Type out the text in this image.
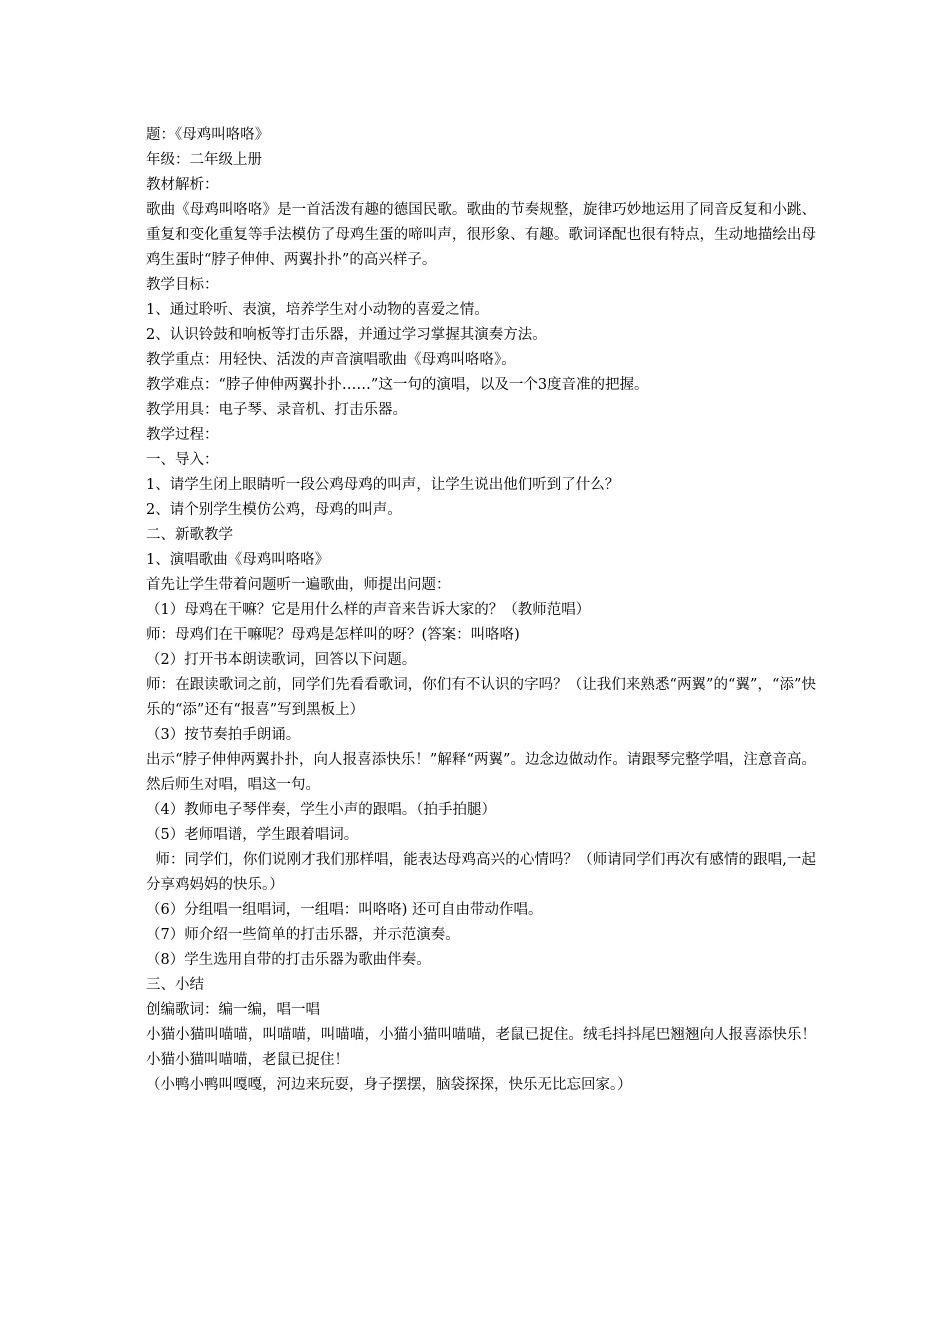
题：《母鸡叫咯咯》

年级：二年级上册

教材解析：

歌曲《母鸡叫咯咯》是一首活泼有趣的德国民歌。歌曲的节奏规整，旋律巧妙地运用了同音反复和小跳、重复和变化重复等手法模仿了母鸡生蛋的啼叫声，很形象、有趣。歌词译配也很有特点，生动地描绘出母鸡生蛋时“脖子伸伸、两翼扑扑”的高兴样子。

教学目标：

1、通过聆听、表演，培养学生对小动物的喜爱之情。

2、认识铃鼓和响板等打击乐器，并通过学习掌握其演奏方法。

教学重点：用轻快、活泼的声音演唱歌曲《母鸡叫咯咯》。

教学难点：“脖子伸伸两翼扑扑……”这一句的演唱，以及一个3度音准的把握。

教学用具：电子琴、录音机、打击乐器。

教学过程：

一、导入：

1、请学生闭上眼睛听一段公鸡母鸡的叫声，让学生说出他们听到了什么？

2、请个别学生模仿公鸡，母鸡的叫声。

二、新歌教学

1、演唱歌曲《母鸡叫咯咯》

首先让学生带着问题听一遍歌曲，师提出问题：

（1）母鸡在干嘛？它是用什么样的声音来告诉大家的？（教师范唱）

师：母鸡们在干嘛呢？母鸡是怎样叫的呀？(答案：叫咯咯)

（2）打开书本朗读歌词，回答以下问题。

师：在跟读歌词之前，同学们先看看歌词，你们有不认识的字吗？（让我们来熟悉“两翼”的“翼”，“添”快乐的“添”还有“报喜”写到黑板上）

（3）按节奏拍手朗诵。

出示“脖子伸伸两翼扑扑，向人报喜添快乐！”解释“两翼”。边念边做动作。请跟琴完整学唱，注意音高。然后师生对唱，唱这一句。

（4）教师电子琴伴奏，学生小声的跟唱。（拍手拍腿）

（5）老师唱谱，学生跟着唱词。

师：同学们，你们说刚才我们那样唱，能表达母鸡高兴的心情吗？（师请同学们再次有感情的跟唱,一起分享鸡妈妈的快乐。）

（6）分组唱一组唱词，一组唱：叫咯咯) 还可自由带动作唱。

（7）师介绍一些简单的打击乐器，并示范演奏。

（8）学生选用自带的打击乐器为歌曲伴奏。

三、小结

创编歌词：编一编，唱一唱

小猫小猫叫喵喵，叫喵喵，叫喵喵，小猫小猫叫喵喵，老鼠已捉住。绒毛抖抖尾巴翘翘向人报喜添快乐！小猫小猫叫喵喵，老鼠已捉住！

（小鸭小鸭叫嘎嘎，河边来玩耍，身子摆摆，脑袋探探，快乐无比忘回家。）
